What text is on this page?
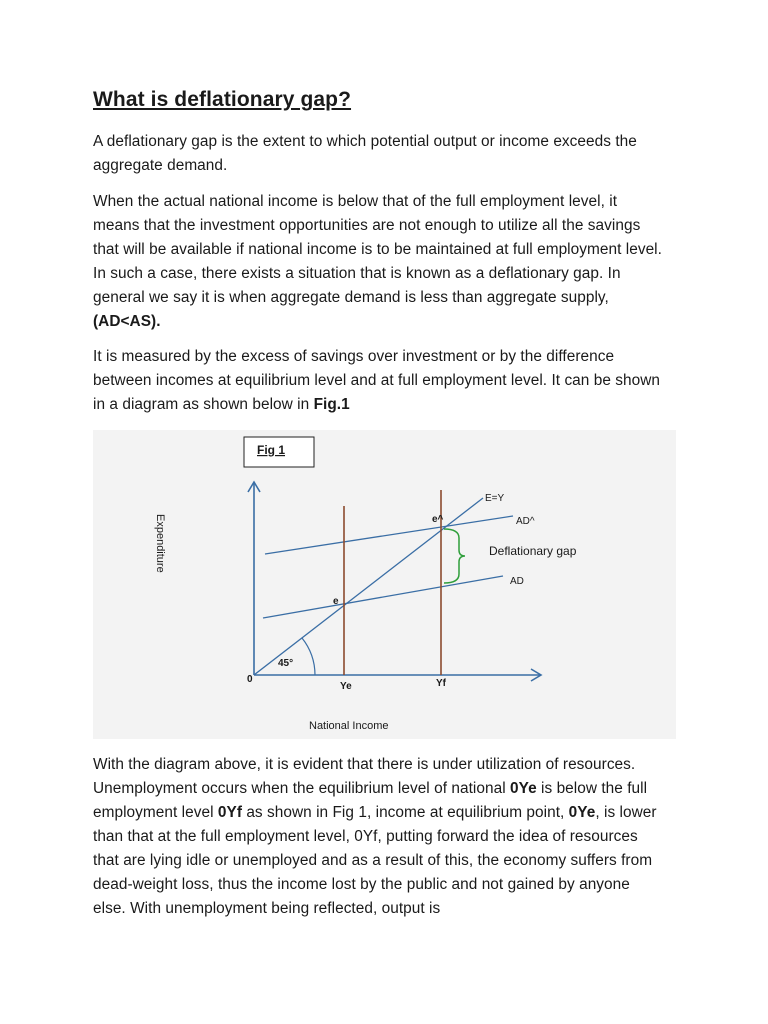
What is deflationary gap?

A deflationary gap is the extent to which potential output or income exceeds the aggregate demand.

When the actual national income is below that of the full employment level, it means that the investment opportunities are not enough to utilize all the savings that will be available if national income is to be maintained at full employment level. In such a case, there exists a situation that is known as a deflationary gap. In general we say it is when aggregate demand is less than aggregate supply, (AD<AS).

It is measured by the excess of savings over investment or by the difference between incomes at equilibrium level and at full employment level. It can be shown in a diagram as shown below in Fig.1

Fig 1
Expenditure
45°
0
Ye	Yf
e
e^
E=Y
AD^
AD
Deflationary gap
National Income

With the diagram above, it is evident that there is under utilization of resources. Unemployment occurs when the equilibrium level of national 0Ye is below the full employment level 0Yf as shown in Fig 1, income at equilibrium point, 0Ye, is lower than that at the full employment level, 0Yf, putting forward the idea of resources that are lying idle or unemployed and as a result of this, the economy suffers from dead-weight loss, thus the income lost by the public and not gained by anyone else. With unemployment being reflected, output is
